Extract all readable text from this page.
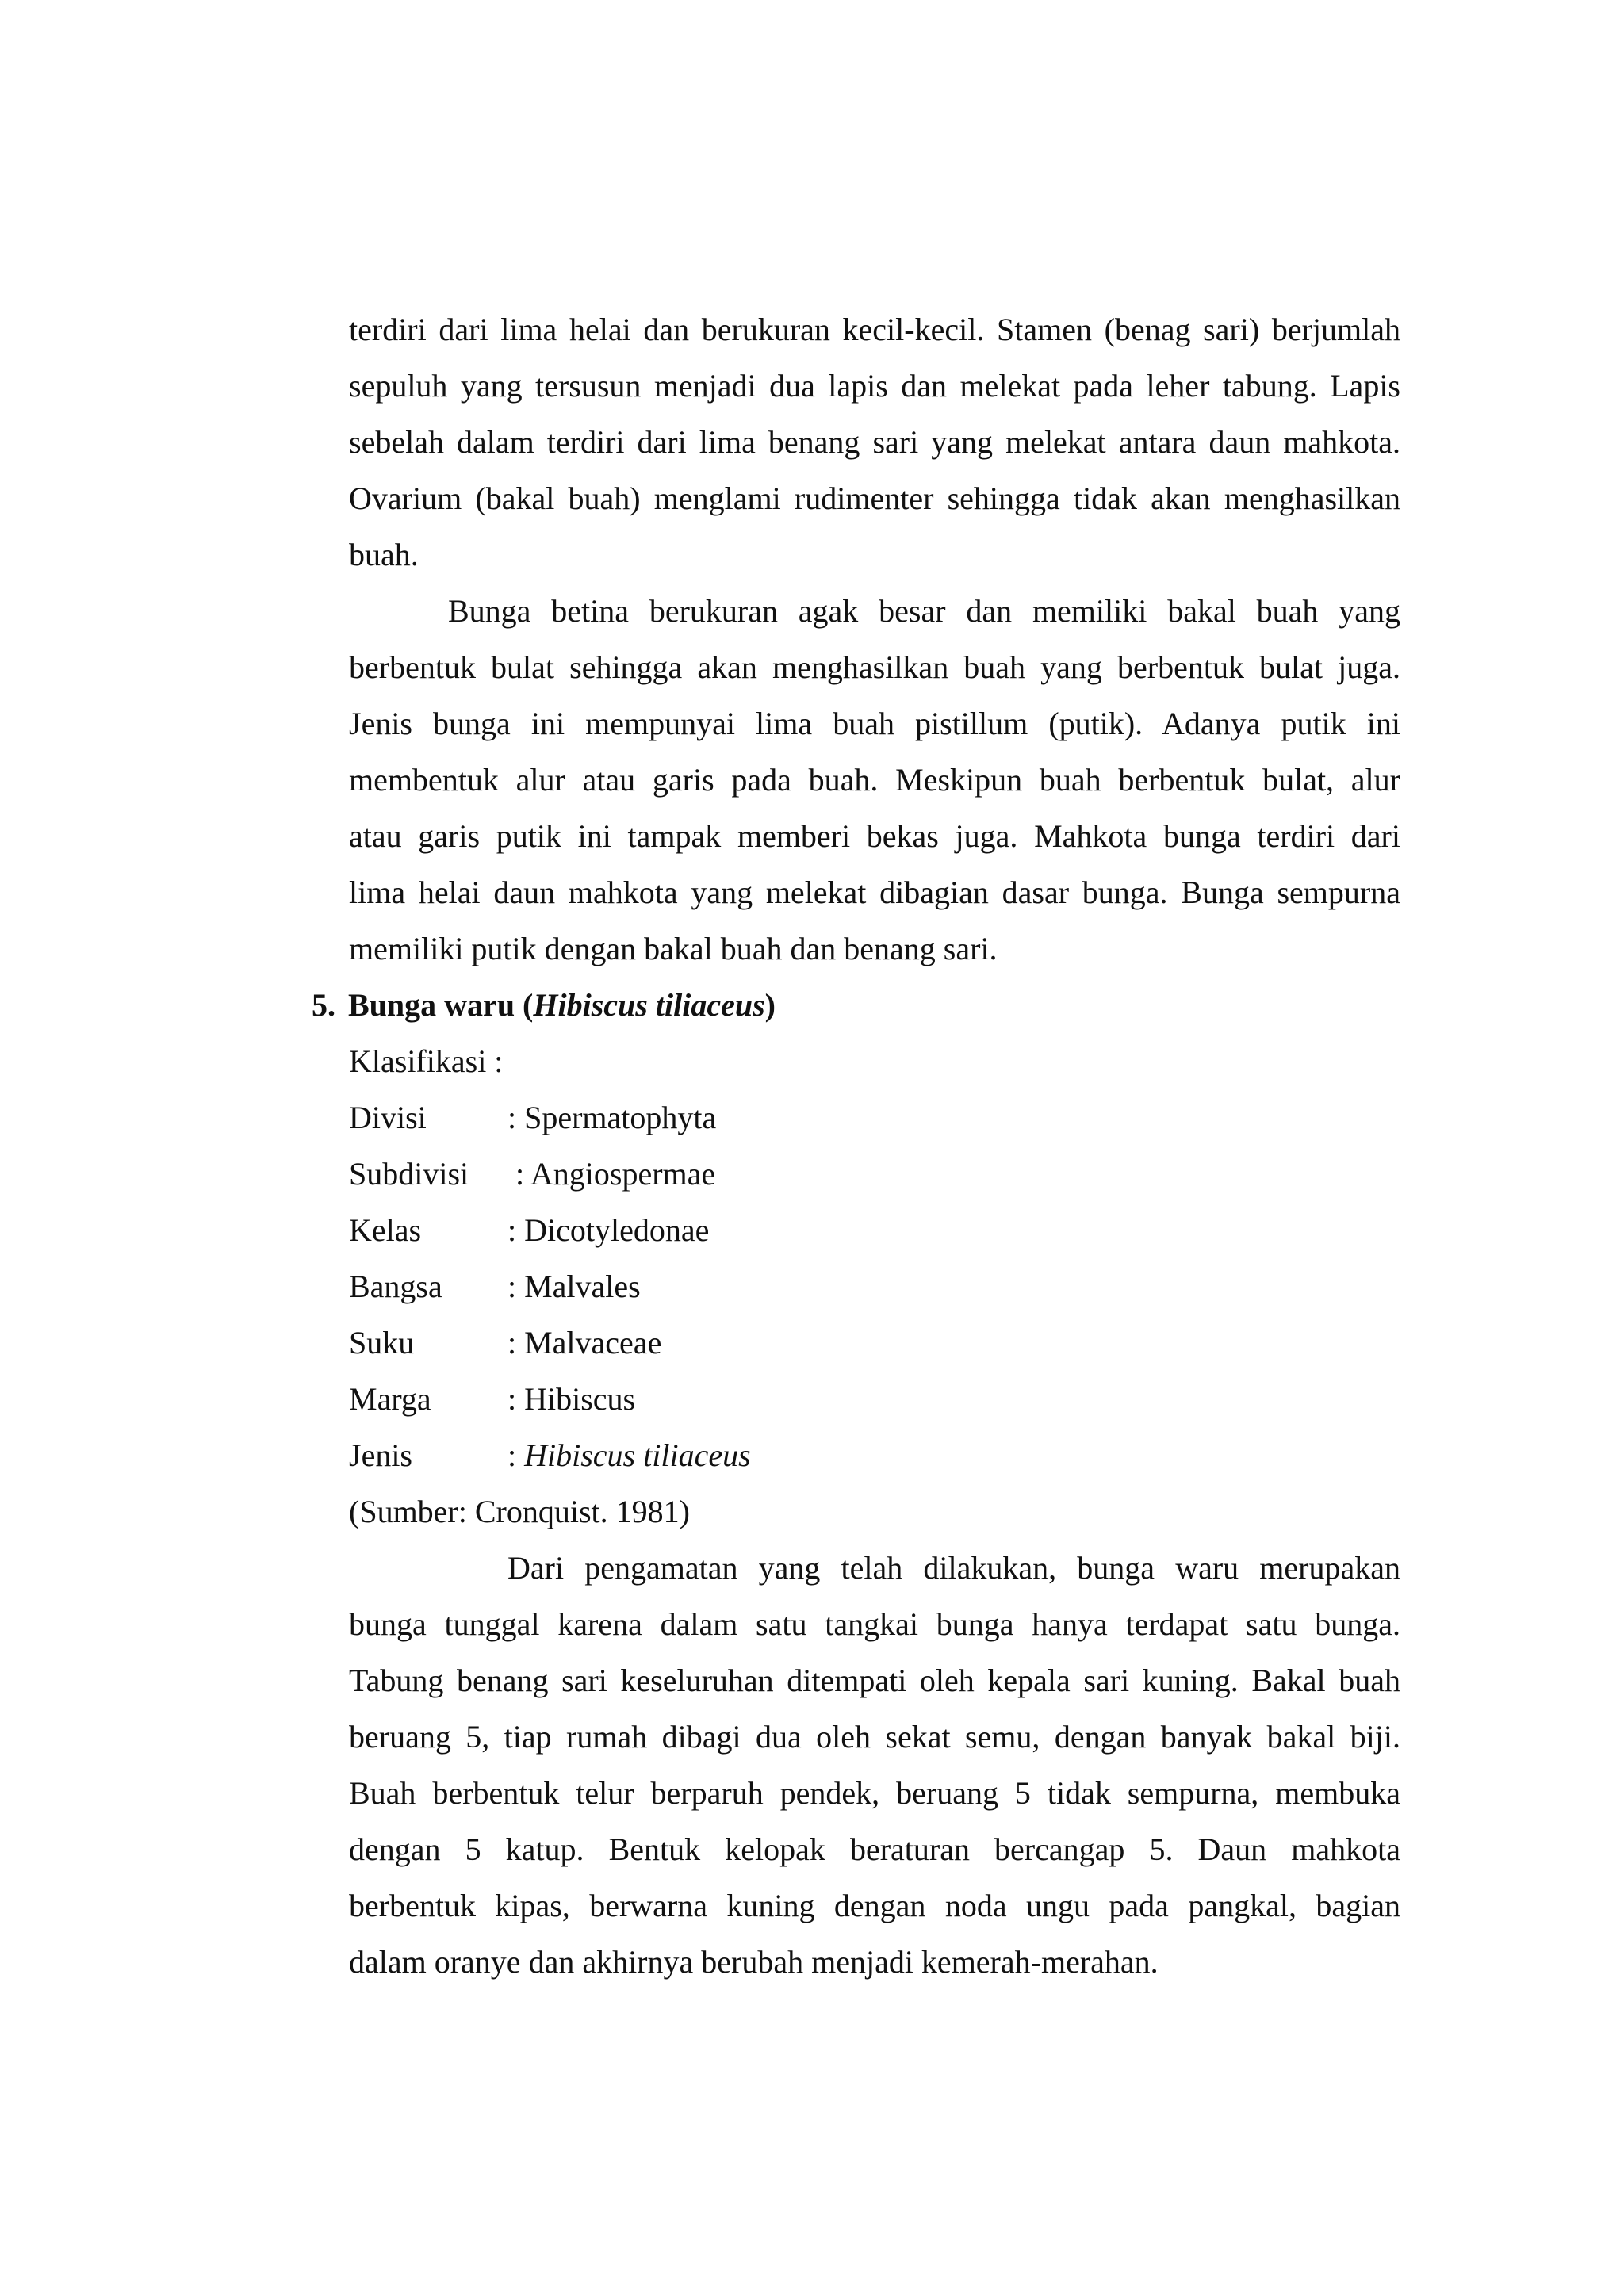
terdiri dari lima helai dan berukuran kecil-kecil. Stamen (benag sari) berjumlah
sepuluh yang tersusun menjadi dua lapis dan melekat pada leher tabung. Lapis
sebelah dalam terdiri dari lima benang sari yang melekat antara daun mahkota.
Ovarium (bakal buah) menglami rudimenter sehingga tidak akan menghasilkan
buah.
Bunga betina berukuran agak besar dan memiliki bakal buah yang
berbentuk bulat sehingga akan menghasilkan buah yang berbentuk bulat juga.
Jenis bunga ini mempunyai lima buah pistillum (putik). Adanya putik ini
membentuk alur atau garis pada buah. Meskipun buah berbentuk bulat, alur
atau garis putik ini tampak memberi bekas juga. Mahkota bunga terdiri dari
lima helai daun mahkota yang melekat dibagian dasar bunga. Bunga sempurna
memiliki putik dengan bakal buah dan benang sari.
5. Bunga waru (Hibiscus tiliaceus)
Klasifikasi :
Divisi	: Spermatophyta
Subdivisi : Angiospermae
Kelas	: Dicotyledonae
Bangsa : Malvales
Suku	: Malvaceae
Marga : Hibiscus
Jenis	: Hibiscus tiliaceus
(Sumber: Cronquist. 1981)
Dari pengamatan yang telah dilakukan, bunga waru merupakan
bunga tunggal karena dalam satu tangkai bunga hanya terdapat satu bunga.
Tabung benang sari keseluruhan ditempati oleh kepala sari kuning. Bakal buah
beruang 5, tiap rumah dibagi dua oleh sekat semu, dengan banyak bakal biji.
Buah berbentuk telur berparuh pendek, beruang 5 tidak sempurna, membuka
dengan 5 katup. Bentuk kelopak beraturan bercangap 5. Daun mahkota
berbentuk kipas, berwarna kuning dengan noda ungu pada pangkal, bagian
dalam oranye dan akhirnya berubah menjadi kemerah-merahan.
